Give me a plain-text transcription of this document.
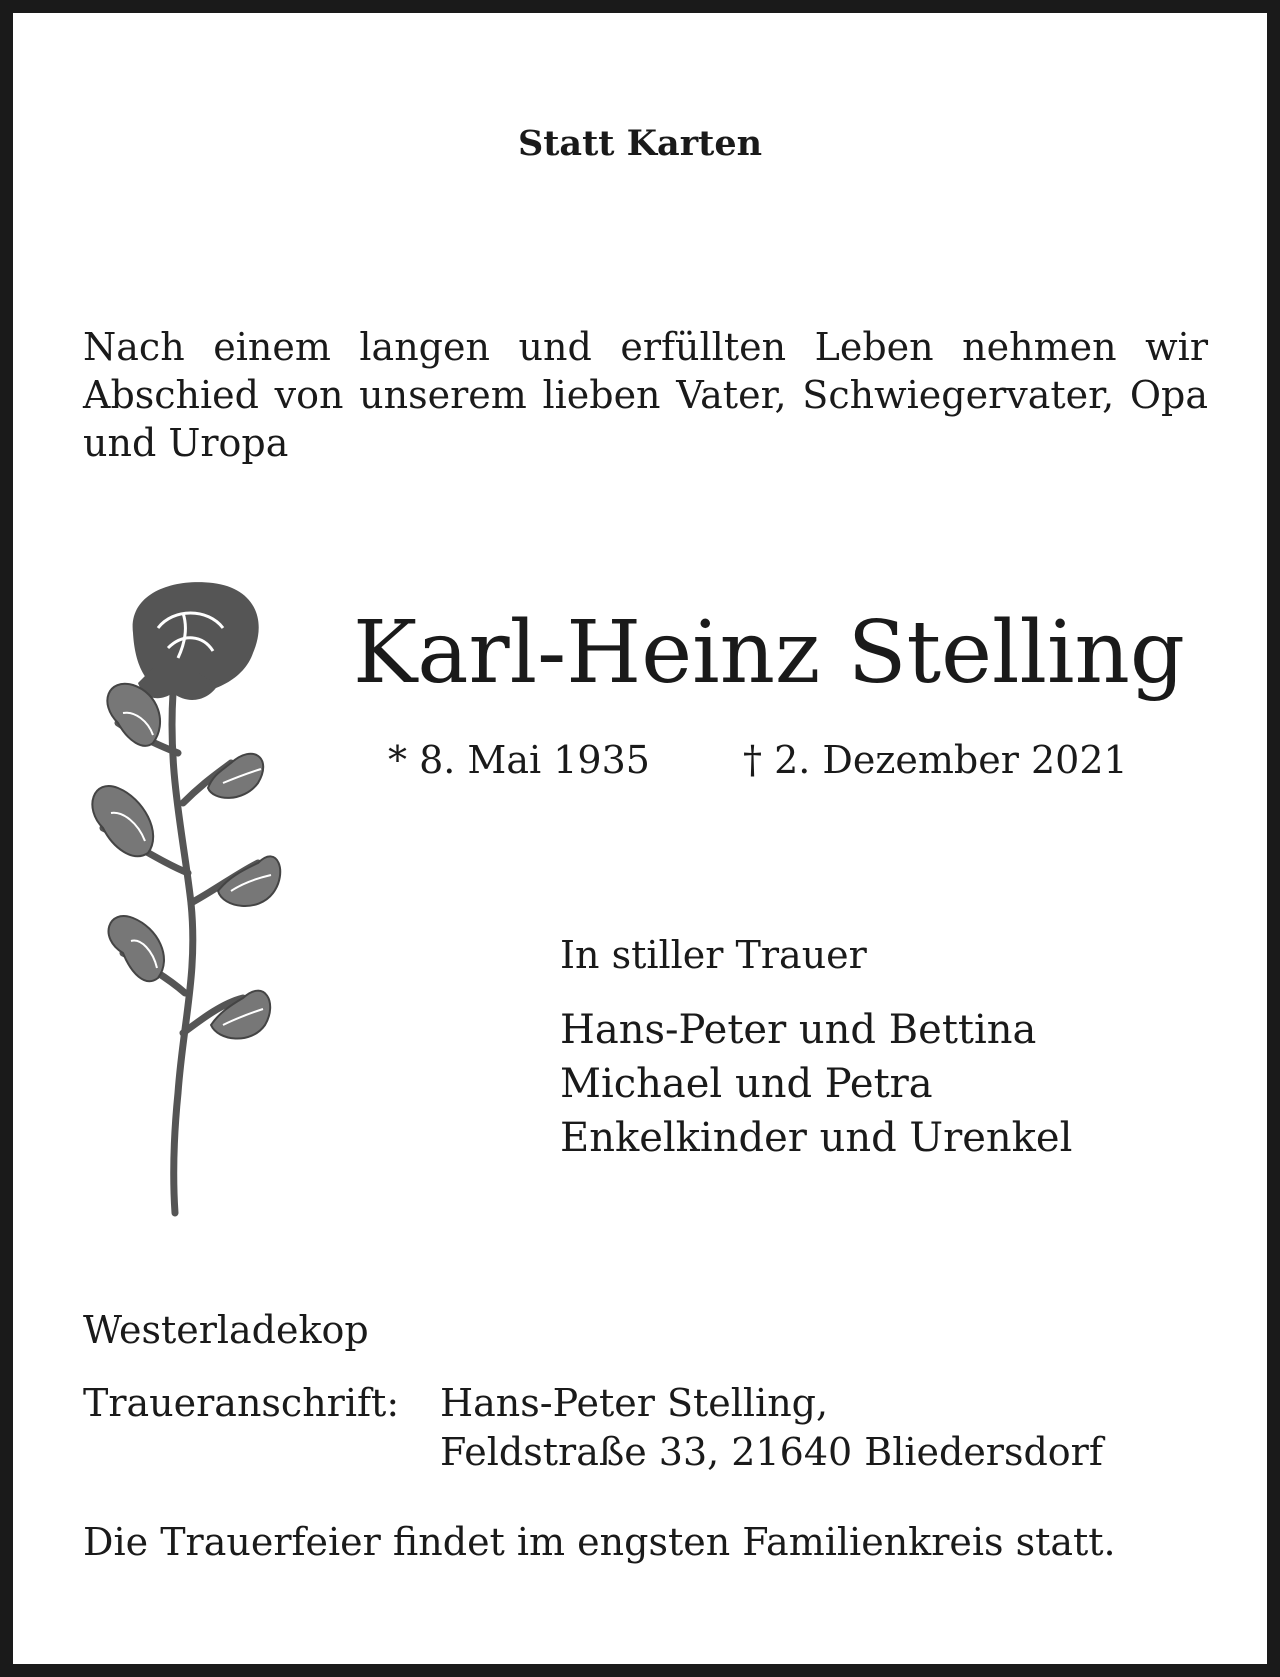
Statt Karten

Nach einem langen und erfüllten Leben nehmen wir Abschied von unserem lieben Vater, Schwiegervater, Opa und Uropa

Karl-Heinz Stelling

* 8. Mai 1935 † 2. Dezember 2021

In stiller Trauer

Hans-Peter und Bettina
Michael und Petra
Enkelkinder und Urenkel

Westerladekop

Traueranschrift: Hans-Peter Stelling,

Feldstraße 33, 21640 Bliedersdorf

Die Trauerfeier findet im engsten Familienkreis statt.
